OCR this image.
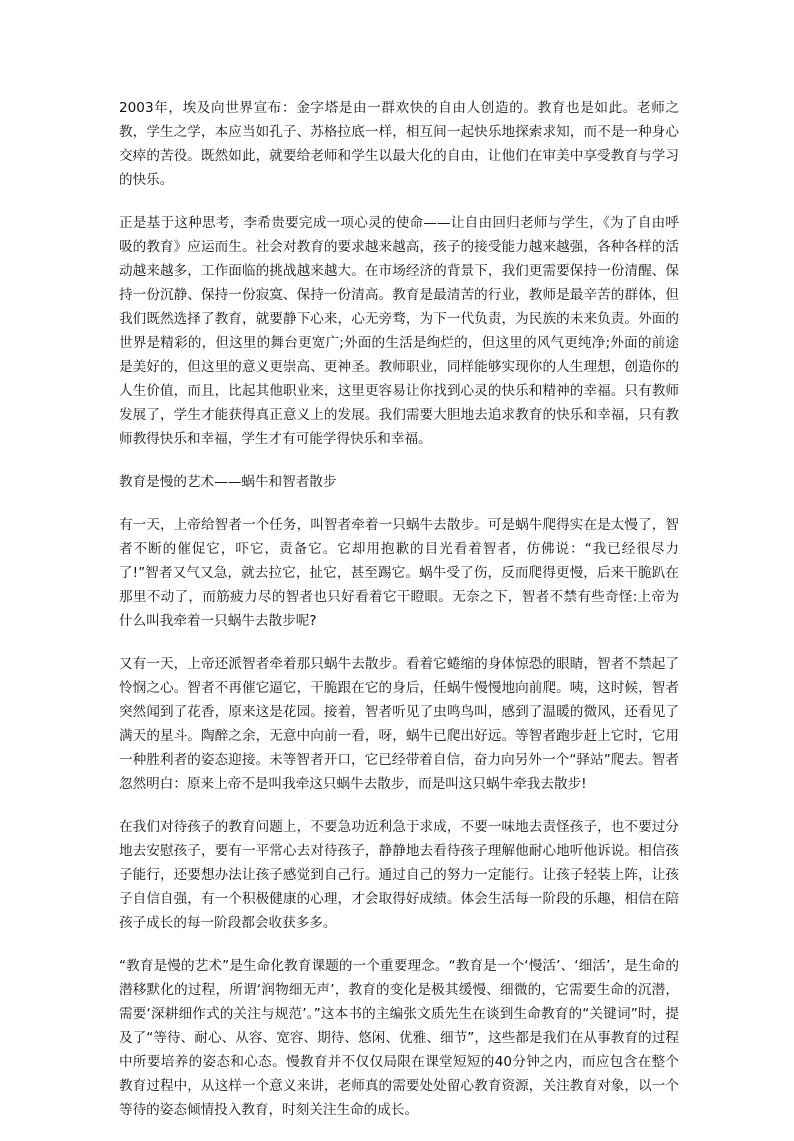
2003年，埃及向世界宣布：金字塔是由一群欢快的自由人创造的。教育也是如此。老师之教，学生之学，本应当如孔子、苏格拉底一样，相互间一起快乐地探索求知，而不是一种身心交瘁的苦役。既然如此，就要给老师和学生以最大化的自由，让他们在审美中享受教育与学习的快乐。

正是基于这种思考，李希贵要完成一项心灵的使命——让自由回归老师与学生，《为了自由呼吸的教育》应运而生。社会对教育的要求越来越高，孩子的接受能力越来越强，各种各样的活动越来越多，工作面临的挑战越来越大。在市场经济的背景下，我们更需要保持一份清醒、保持一份沉静、保持一份寂寞、保持一份清高。教育是最清苦的行业，教师是最辛苦的群体，但我们既然选择了教育，就要静下心来，心无旁骛，为下一代负责，为民族的未来负责。外面的世界是精彩的，但这里的舞台更宽广;外面的生活是绚烂的，但这里的风气更纯净;外面的前途是美好的，但这里的意义更崇高、更神圣。教师职业，同样能够实现你的人生理想，创造你的人生价值，而且，比起其他职业来，这里更容易让你找到心灵的快乐和精神的幸福。只有教师发展了，学生才能获得真正意义上的发展。我们需要大胆地去追求教育的快乐和幸福，只有教师教得快乐和幸福，学生才有可能学得快乐和幸福。

教育是慢的艺术——蜗牛和智者散步

有一天，上帝给智者一个任务，叫智者牵着一只蜗牛去散步。可是蜗牛爬得实在是太慢了，智者不断的催促它，吓它，责备它。它却用抱歉的目光看着智者，仿佛说：“我已经很尽力了!”智者又气又急，就去拉它，扯它，甚至踢它。蜗牛受了伤，反而爬得更慢，后来干脆趴在那里不动了，而筋疲力尽的智者也只好看着它干瞪眼。无奈之下，智者不禁有些奇怪:上帝为什么叫我牵着一只蜗牛去散步呢?

又有一天，上帝还派智者牵着那只蜗牛去散步。看着它蜷缩的身体惊恐的眼睛，智者不禁起了怜悯之心。智者不再催它逼它，干脆跟在它的身后，任蜗牛慢慢地向前爬。咦，这时候，智者突然闻到了花香，原来这是花园。接着，智者听见了虫鸣鸟叫，感到了温暖的微风，还看见了满天的星斗。陶醉之余，无意中向前一看，呀，蜗牛已爬出好远。等智者跑步赶上它时，它用一种胜利者的姿态迎接。未等智者开口，它已经带着自信，奋力向另外一个“驿站”爬去。智者忽然明白：原来上帝不是叫我牵这只蜗牛去散步，而是叫这只蜗牛牵我去散步!

在我们对待孩子的教育问题上，不要急功近利急于求成，不要一味地去责怪孩子，也不要过分地去安慰孩子，要有一平常心去对待孩子，静静地去看待孩子理解他耐心地听他诉说。相信孩子能行，还要想办法让孩子感觉到自己行。通过自己的努力一定能行。让孩子轻装上阵，让孩子自信自强，有一个积极健康的心理，才会取得好成绩。体会生活每一阶段的乐趣，相信在陪孩子成长的每一阶段都会收获多多。

“教育是慢的艺术”是生命化教育课题的一个重要理念。“教育是一个‘慢活’、‘细活’，是生命的潜移默化的过程，所谓‘润物细无声’，教育的变化是极其缓慢、细微的，它需要生命的沉潜，需要‘深耕细作式的关注与规范’。”这本书的主编张文质先生在谈到生命教育的“关键词”时，提及了“等待、耐心、从容、宽容、期待、悠闲、优雅、细节”，这些都是我们在从事教育的过程中所要培养的姿态和心态。慢教育并不仅仅局限在课堂短短的40分钟之内，而应包含在整个教育过程中，从这样一个意义来讲，老师真的需要处处留心教育资源，关注教育对象，以一个等待的姿态倾情投入教育，时刻关注生命的成长。
